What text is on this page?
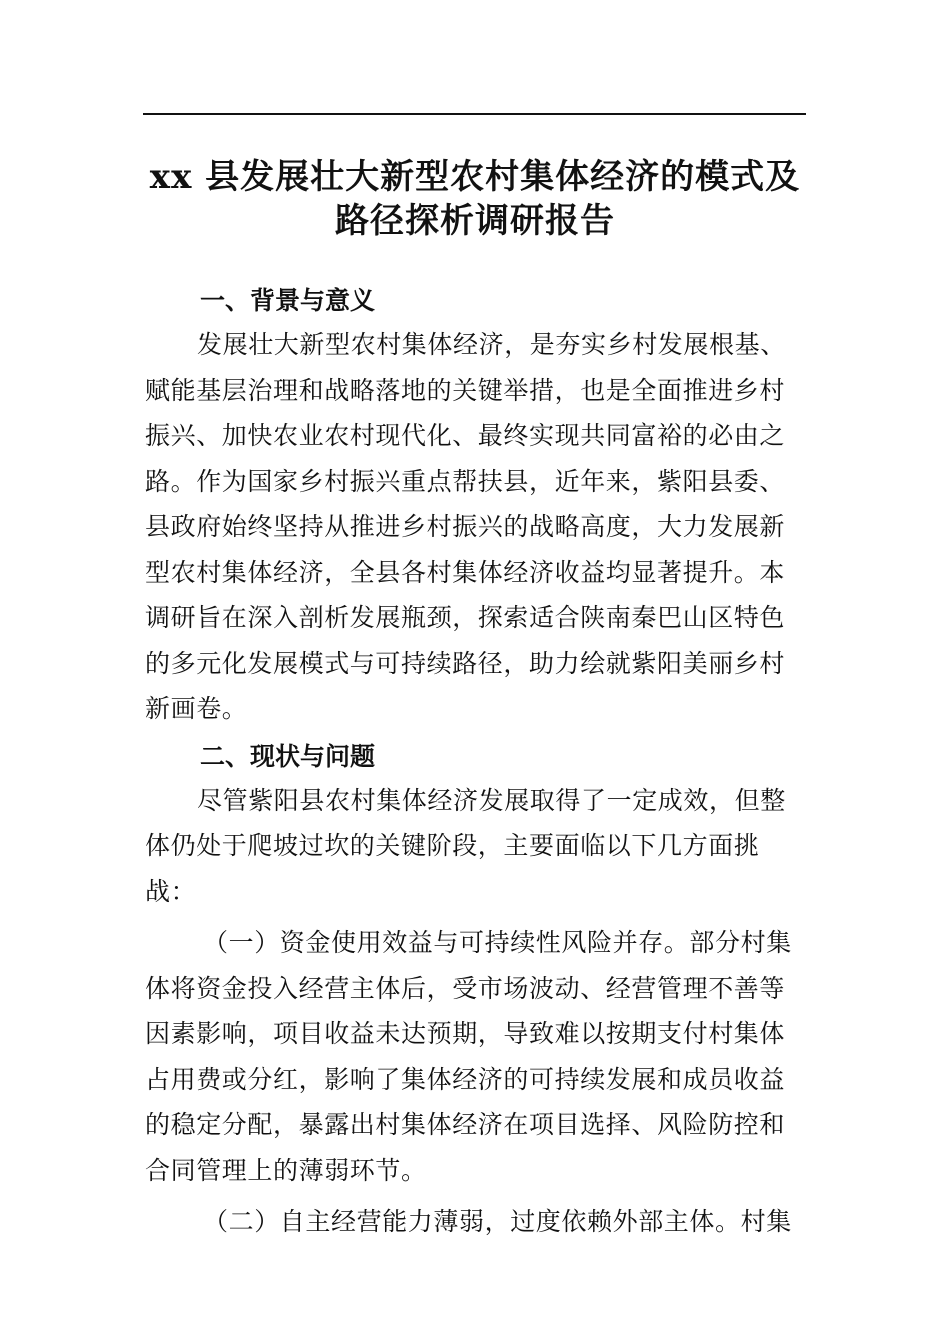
xx 县发展壮大新型农村集体经济的模式及
路径探析调研报告
一、背景与意义

发展壮大新型农村集体经济，是夯实乡村发展根基、
赋能基层治理和战略落地的关键举措，也是全面推进乡村
振兴、加快农业农村现代化、最终实现共同富裕的必由之
路。作为国家乡村振兴重点帮扶县，近年来，紫阳县委、
县政府始终坚持从推进乡村振兴的战略高度，大力发展新
型农村集体经济，全县各村集体经济收益均显著提升。本
调研旨在深入剖析发展瓶颈，探索适合陕南秦巴山区特色
的多元化发展模式与可持续路径，助力绘就紫阳美丽乡村
新画卷。

二、现状与问题

尽管紫阳县农村集体经济发展取得了一定成效，但整
体仍处于爬坡过坎的关键阶段，主要面临以下几方面挑
战：

（一）资金使用效益与可持续性风险并存。部分村集
体将资金投入经营主体后，受市场波动、经营管理不善等
因素影响，项目收益未达预期，导致难以按期支付村集体
占用费或分红，影响了集体经济的可持续发展和成员收益
的稳定分配，暴露出村集体经济在项目选择、风险防控和
合同管理上的薄弱环节。

（二）自主经营能力薄弱，过度依赖外部主体。村集
